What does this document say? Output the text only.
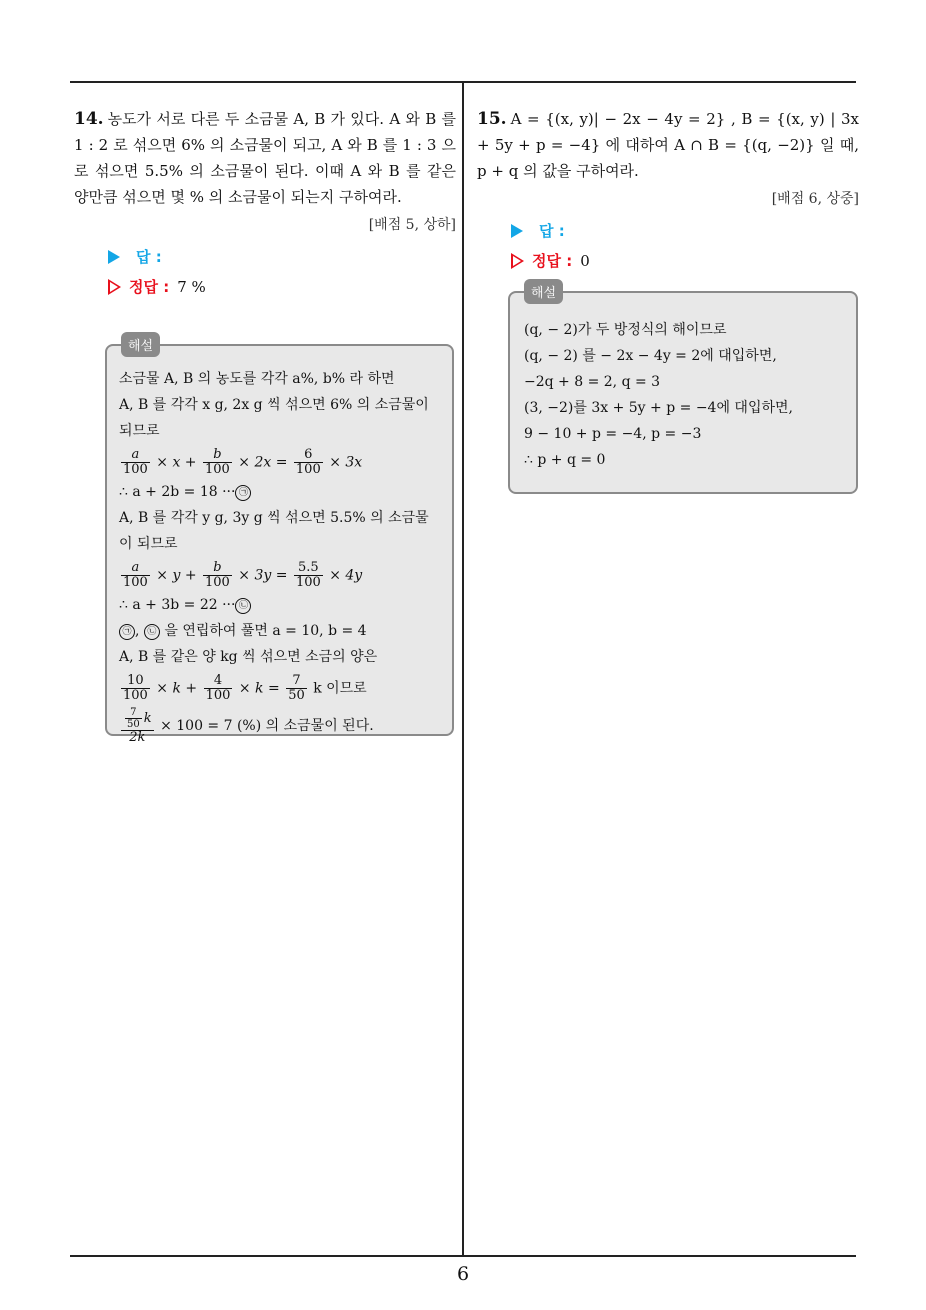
14. 농도가 서로 다른 두 소금물 A, B 가 있다. A 와 B 를 1 : 2 로 섞으면 6% 의 소금물이 되고, A 와 B 를 1 : 3 으로 섞으면 5.5% 의 소금물이 된다. 이때 A 와 B 를 같은 양만큼 섞으면 몇 % 의 소금물이 되는지 구하여라.
[배점 5, 상하]
답 :
정답 : 7 %
해설
소금물 A, B 의 농도를 각각 a%, b% 라 하면
A, B 를 각각 x g, 2x g 씩 섞으면 6% 의 소금물이
되므로
$\frac{a}{100} \times x + \frac{b}{100} \times 2x = \frac{6}{100} \times 3x$
∴ a + 2b = 18 ··· ㉠
A, B 를 각각 y g, 3y g 씩 섞으면 5.5% 의 소금물
이 되므로
$\frac{a}{100} \times y + \frac{b}{100} \times 3y = \frac{5.5}{100} \times 4y$
∴ a + 3b = 22 ··· ㉡
㉠ , ㉡ 을 연립하여 풀면 a = 10, b = 4
A, B 를 같은 양 kg 씩 섞으면 소금의 양은
$\frac{10}{100} \times k + \frac{4}{100} \times k = \frac{7}{50}$ k 이므로
$\frac{\frac{7}{50} k}{2k} \times 100 = 7$ (%) 의 소금물이 된다.
15. A = {(x, y)| − 2x − 4y = 2} , B = {(x, y) | 3x + 5y + p = −4} 에 대하여 A ∩ B = {(q, −2)} 일 때, p + q 의 값을 구하여라.
[배점 6, 상중]
답 :
정답 : 0
해설
(q, − 2)가 두 방정식의 해이므로
(q, − 2) 를 − 2x − 4y = 2에 대입하면,
−2q + 8 = 2, q = 3
(3, −2)를 3x + 5y + p = −4에 대입하면,
9 − 10 + p = −4, p = −3
∴ p + q = 0
6
